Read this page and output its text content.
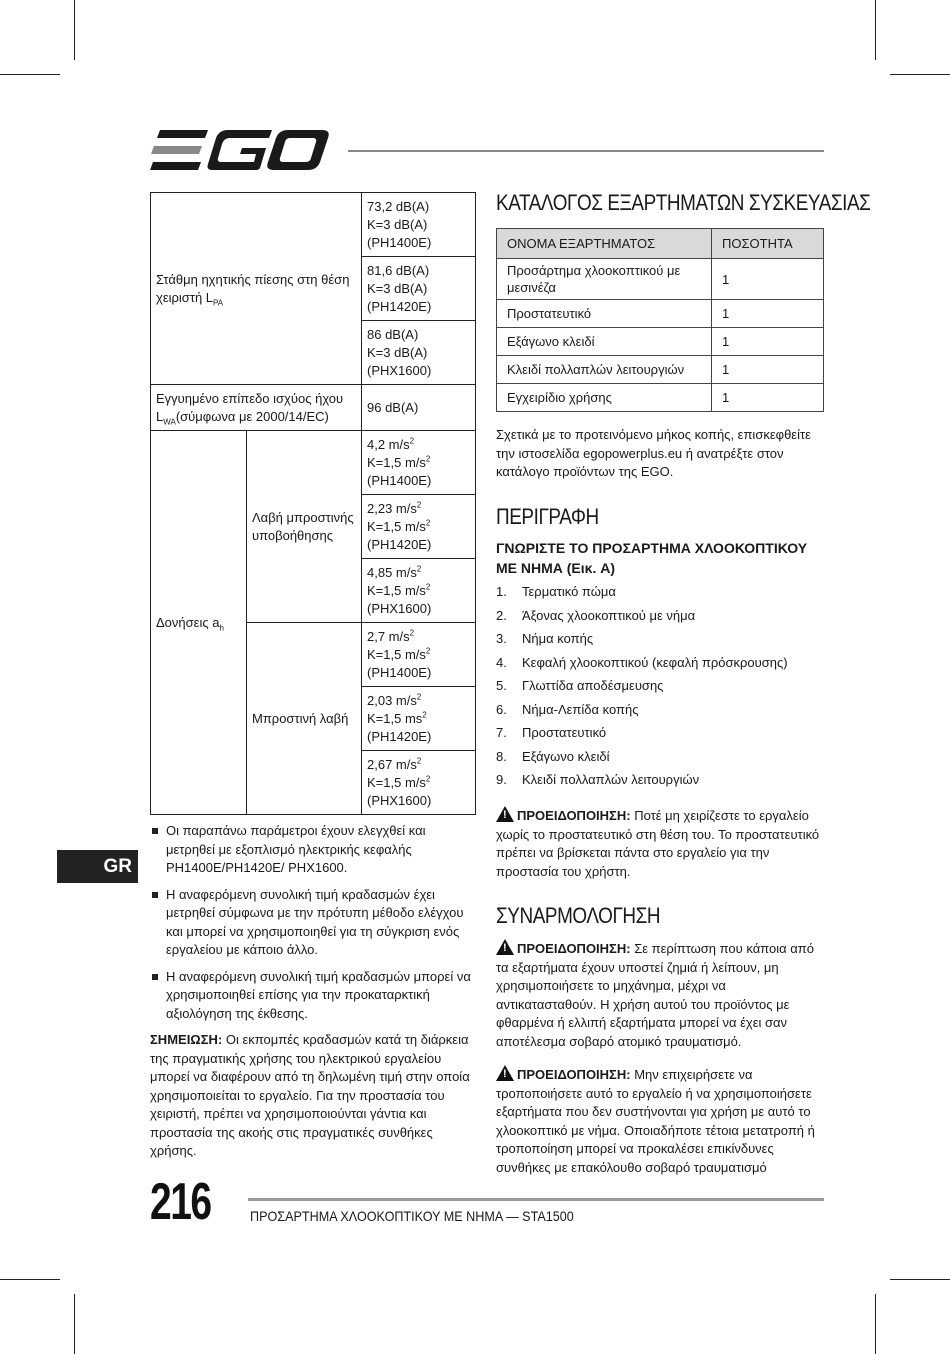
Στάθμη ηχητικής πίεσης στη θέση χειριστή $L_{PA}$		73,2 dB(A)
K=3 dB(A)
(PH1400E)

		81,6 dB(A)
K=3 dB(A)
(PH1420E)

		86 dB(A)
K=3 dB(A)
(PHX1600)

Εγγυημένο επίπεδο ισχύος ήχου
$L_{WA}(\sigma ύ\mu\varphi\omega\nu\alpha$ με 2000/14/EC)		96 dB(A)
Δονήσεις $a_h$	Λαβή μπροστινής υποβοήθησης	4,2 $m/s^2$
K=1,5 $m/s^2$
(PH1400E)

		2,23 $m/s^2$
K=1,5 $m/s^2$
(PH1420E)

		4,85 $m/s^2$
K=1,5 $m/s^2$
(PHX1600)

	Μπροστινή λαβή	2,7 $m/s^2$
K=1,5 $m/s^2$
(PH1400E)

		2,03 $m/s^2$
K=1,5 $ms^2$
(PH1420E)

		2,67 $m/s^2$
K=1,5 $m/s^2$
(PHX1600)
Οι παραπάνω παράμετροι έχουν ελεγχθεί και μετρηθεί με εξοπλισμό ηλεκτρικής κεφαλής PH1400E/PH1420E/ PHX1600.
Η αναφερόμενη συνολική τιμή κραδασμών έχει μετρηθεί σύμφωνα με την πρότυπη μέθοδο ελέγχου και μπορεί να χρησιμοποιηθεί για τη σύγκριση ενός εργαλείου με κάποιο άλλο.
Η αναφερόμενη συνολική τιμή κραδασμών μπορεί να χρησιμοποιηθεί επίσης για την προκαταρκτική αξιολόγηση της έκθεσης.
ΣΗΜΕΙΩΣΗ: Οι εκπομπές κραδασμών κατά τη διάρκεια της πραγματικής χρήσης του ηλεκτρικού εργαλείου μπορεί να διαφέρουν από τη δηλωμένη τιμή στην οποία χρησιμοποιείται το εργαλείο. Για την προστασία του χειριστή, πρέπει να χρησιμοποιούνται γάντια και προστασία της ακοής στις πραγματικές συνθήκες χρήσης.
GR
ΚΑΤΑΛΟΓΟΣ ΕΞΑΡΤΗΜΑΤΩΝ ΣΥΣΚΕΥΑΣΙΑΣ
ΟΝΟΜΑ ΕΞΑΡΤΗΜΑΤΟΣ	ΠΟΣΟΤΗΤΑ
Προσάρτημα χλοοκοπτικού με μεσινέζα	1
Προστατευτικό	1
Εξάγωνο κλειδί	1
Κλειδί πολλαπλών λειτουργιών	1
Εγχειρίδιο χρήσης	1

Σχετικά με το προτεινόμενο μήκος κοπής, επισκεφθείτε την ιστοσελίδα egopowerplus.eu ή ανατρέξτε στον κατάλογο προϊόντων της EGO.

ΠΕΡΙΓΡΑΦΗ
ΓΝΩΡΙΣΤΕ ΤΟ ΠΡΟΣΑΡΤΗΜΑ ΧΛΟΟΚΟΠΤΙΚΟΥ ΜΕ ΝΗΜΑ (Εικ. A)
1.	Τερματικό πώμα
2.	Άξονας χλοοκοπτικού με νήμα
3.	Νήμα κοπής
4.	Κεφαλή χλοοκοπτικού (κεφαλή πρόσκρουσης)
5.	Γλωττίδα αποδέσμευσης
6.	Νήμα-Λεπίδα κοπής
7.	Προστατευτικό
8.	Εξάγωνο κλειδί
9.	Κλειδί πολλαπλών λειτουργιών

!ΠΡΟΕΙΔΟΠΟΙΗΣΗ: Ποτέ μη χειρίζεστε το εργαλείο χωρίς το προστατευτικό στη θέση του. Το προστατευτικό πρέπει να βρίσκεται πάντα στο εργαλείο για την προστασία του χρήστη.

ΣΥΝΑΡΜΟΛΟΓΗΣΗ

!ΠΡΟΕΙΔΟΠΟΙΗΣΗ: Σε περίπτωση που κάποια από τα εξαρτήματα έχουν υποστεί ζημιά ή λείπουν, μη χρησιμοποιήσετε το μηχάνημα, μέχρι να αντικατασταθούν. Η χρήση αυτού του προϊόντος με φθαρμένα ή ελλιπή εξαρτήματα μπορεί να έχει σαν αποτέλεσμα σοβαρό ατομικό τραυματισμό.

!ΠΡΟΕΙΔΟΠΟΙΗΣΗ: Μην επιχειρήσετε να τροποποιήσετε αυτό το εργαλείο ή να χρησιμοποιήσετε εξαρτήματα που δεν συστήνονται για χρήση με αυτό το χλοοκοπτικό με νήμα. Οποιαδήποτε τέτοια μετατροπή ή τροποποίηση μπορεί να προκαλέσει επικίνδυνες συνθήκες με επακόλουθο σοβαρό τραυματισμό

216	ΠΡΟΣΑΡΤΗΜΑ ΧΛΟΟΚΟΠΤΙΚΟΥ ΜΕ ΝΗΜΑ — STA1500
